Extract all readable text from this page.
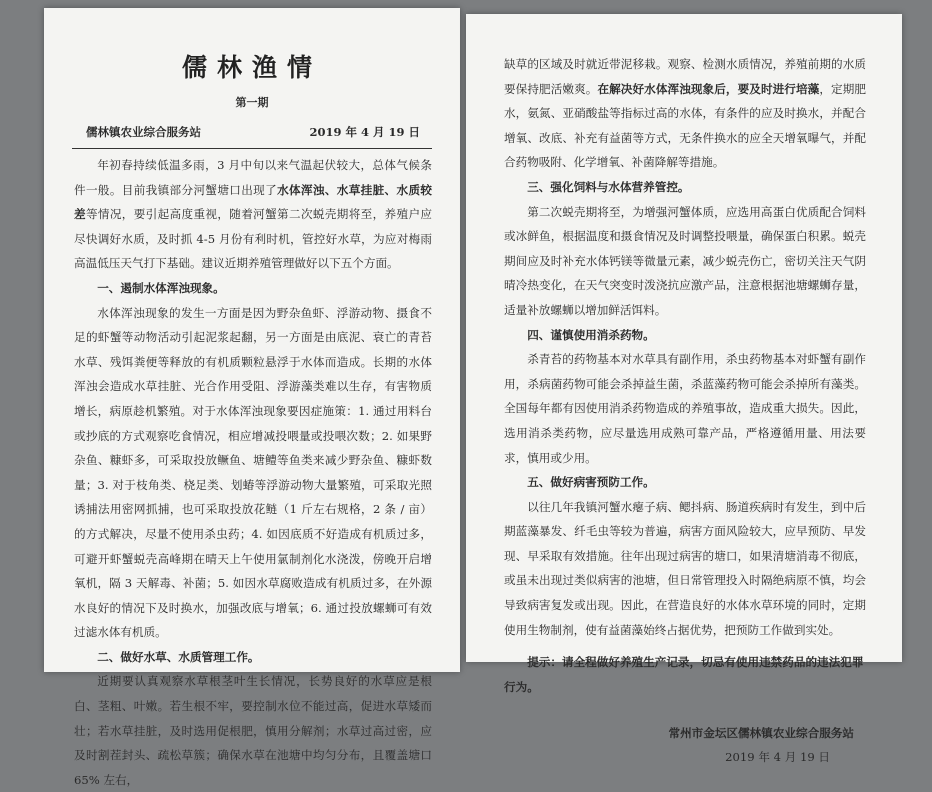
儒林渔情
第一期
儒林镇农业综合服务站	2019 年 4 月 19 日

年初春持续低温多雨，3 月中旬以来气温起伏较大，总体气候条件一般。目前我镇部分河蟹塘口出现了水体浑浊、水草挂脏、水质较差等情况，要引起高度重视，随着河蟹第二次蜕壳期将至，养殖户应尽快调好水质，及时抓 4-5 月份有利时机，管控好水草，为应对梅雨高温低压天气打下基础。建议近期养殖管理做好以下五个方面。

一、遏制水体浑浊现象。

水体浑浊现象的发生一方面是因为野杂鱼虾、浮游动物、摄食不足的虾蟹等动物活动引起泥浆起翻，另一方面是由底泥、衰亡的青苔水草、残饵粪便等释放的有机质颗粒悬浮于水体而造成。长期的水体浑浊会造成水草挂脏、光合作用受阻、浮游藻类难以生存，有害物质增长，病原趁机繁殖。对于水体浑浊现象要因症施策：1. 通过用料台或抄底的方式观察吃食情况，相应增减投喂量或投喂次数；2. 如果野杂鱼、糠虾多，可采取投放鳜鱼、塘鳢等鱼类来减少野杂鱼、糠虾数量；3. 对于枝角类、桡足类、划蝽等浮游动物大量繁殖，可采取光照诱捕法用密网抓捕，也可采取投放花鲢（1 斤左右规格，2 条 / 亩）的方式解决，尽量不使用杀虫药；4. 如因底质不好造成有机质过多，可避开虾蟹蜕壳高峰期在晴天上午使用氯制剂化水浇泼，傍晚开启增氧机，隔 3 天解毒、补菌；5. 如因水草腐败造成有机质过多，在外源水良好的情况下及时换水，加强改底与增氧；6. 通过投放螺蛳可有效过滤水体有机质。

二、做好水草、水质管理工作。

近期要认真观察水草根茎叶生长情况，长势良好的水草应是根白、茎粗、叶嫩。若生根不牢，要控制水位不能过高，促进水草矮而壮；若水草挂脏，及时选用促根肥，慎用分解剂；水草过高过密，应及时割茬封头、疏松草簇；确保水草在池塘中均匀分布，且覆盖塘口 65% 左右，

缺草的区域及时就近带泥移栽。观察、检测水质情况，养殖前期的水质要保持肥活嫩爽。在解决好水体浑浊现象后，要及时进行培藻，定期肥水，氨氮、亚硝酸盐等指标过高的水体，有条件的应及时换水，并配合增氧、改底、补充有益菌等方式，无条件换水的应全天增氧曝气，并配合药物吸附、化学增氧、补菌降解等措施。

三、强化饲料与水体营养管控。

第二次蜕壳期将至，为增强河蟹体质，应选用高蛋白优质配合饲料或冰鲜鱼，根据温度和摄食情况及时调整投喂量，确保蛋白积累。蜕壳期间应及时补充水体钙镁等微量元素，减少蜕壳伤亡，密切关注天气阴晴冷热变化，在天气突变时泼浇抗应激产品，注意根据池塘螺蛳存量，适量补放螺蛳以增加鲜活饵料。

四、谨慎使用消杀药物。

杀青苔的药物基本对水草具有副作用，杀虫药物基本对虾蟹有副作用，杀病菌药物可能会杀掉益生菌，杀蓝藻药物可能会杀掉所有藻类。全国每年都有因使用消杀药物造成的养殖事故，造成重大损失。因此，选用消杀类药物，应尽量选用成熟可靠产品，严格遵循用量、用法要求，慎用或少用。

五、做好病害预防工作。

以往几年我镇河蟹水瘪子病、鳃抖病、肠道疾病时有发生，到中后期蓝藻暴发、纤毛虫等较为普遍，病害方面风险较大，应早预防、早发现、早采取有效措施。往年出现过病害的塘口，如果清塘消毒不彻底，或虽未出现过类似病害的池塘，但日常管理投入时隔绝病原不慎，均会导致病害复发或出现。因此，在营造良好的水体水草环境的同时，定期使用生物制剂，使有益菌藻始终占据优势，把预防工作做到实处。

提示：请全程做好养殖生产记录，切忌有使用违禁药品的违法犯罪行为。
常州市金坛区儒林镇农业综合服务站
2019 年 4 月 19 日
